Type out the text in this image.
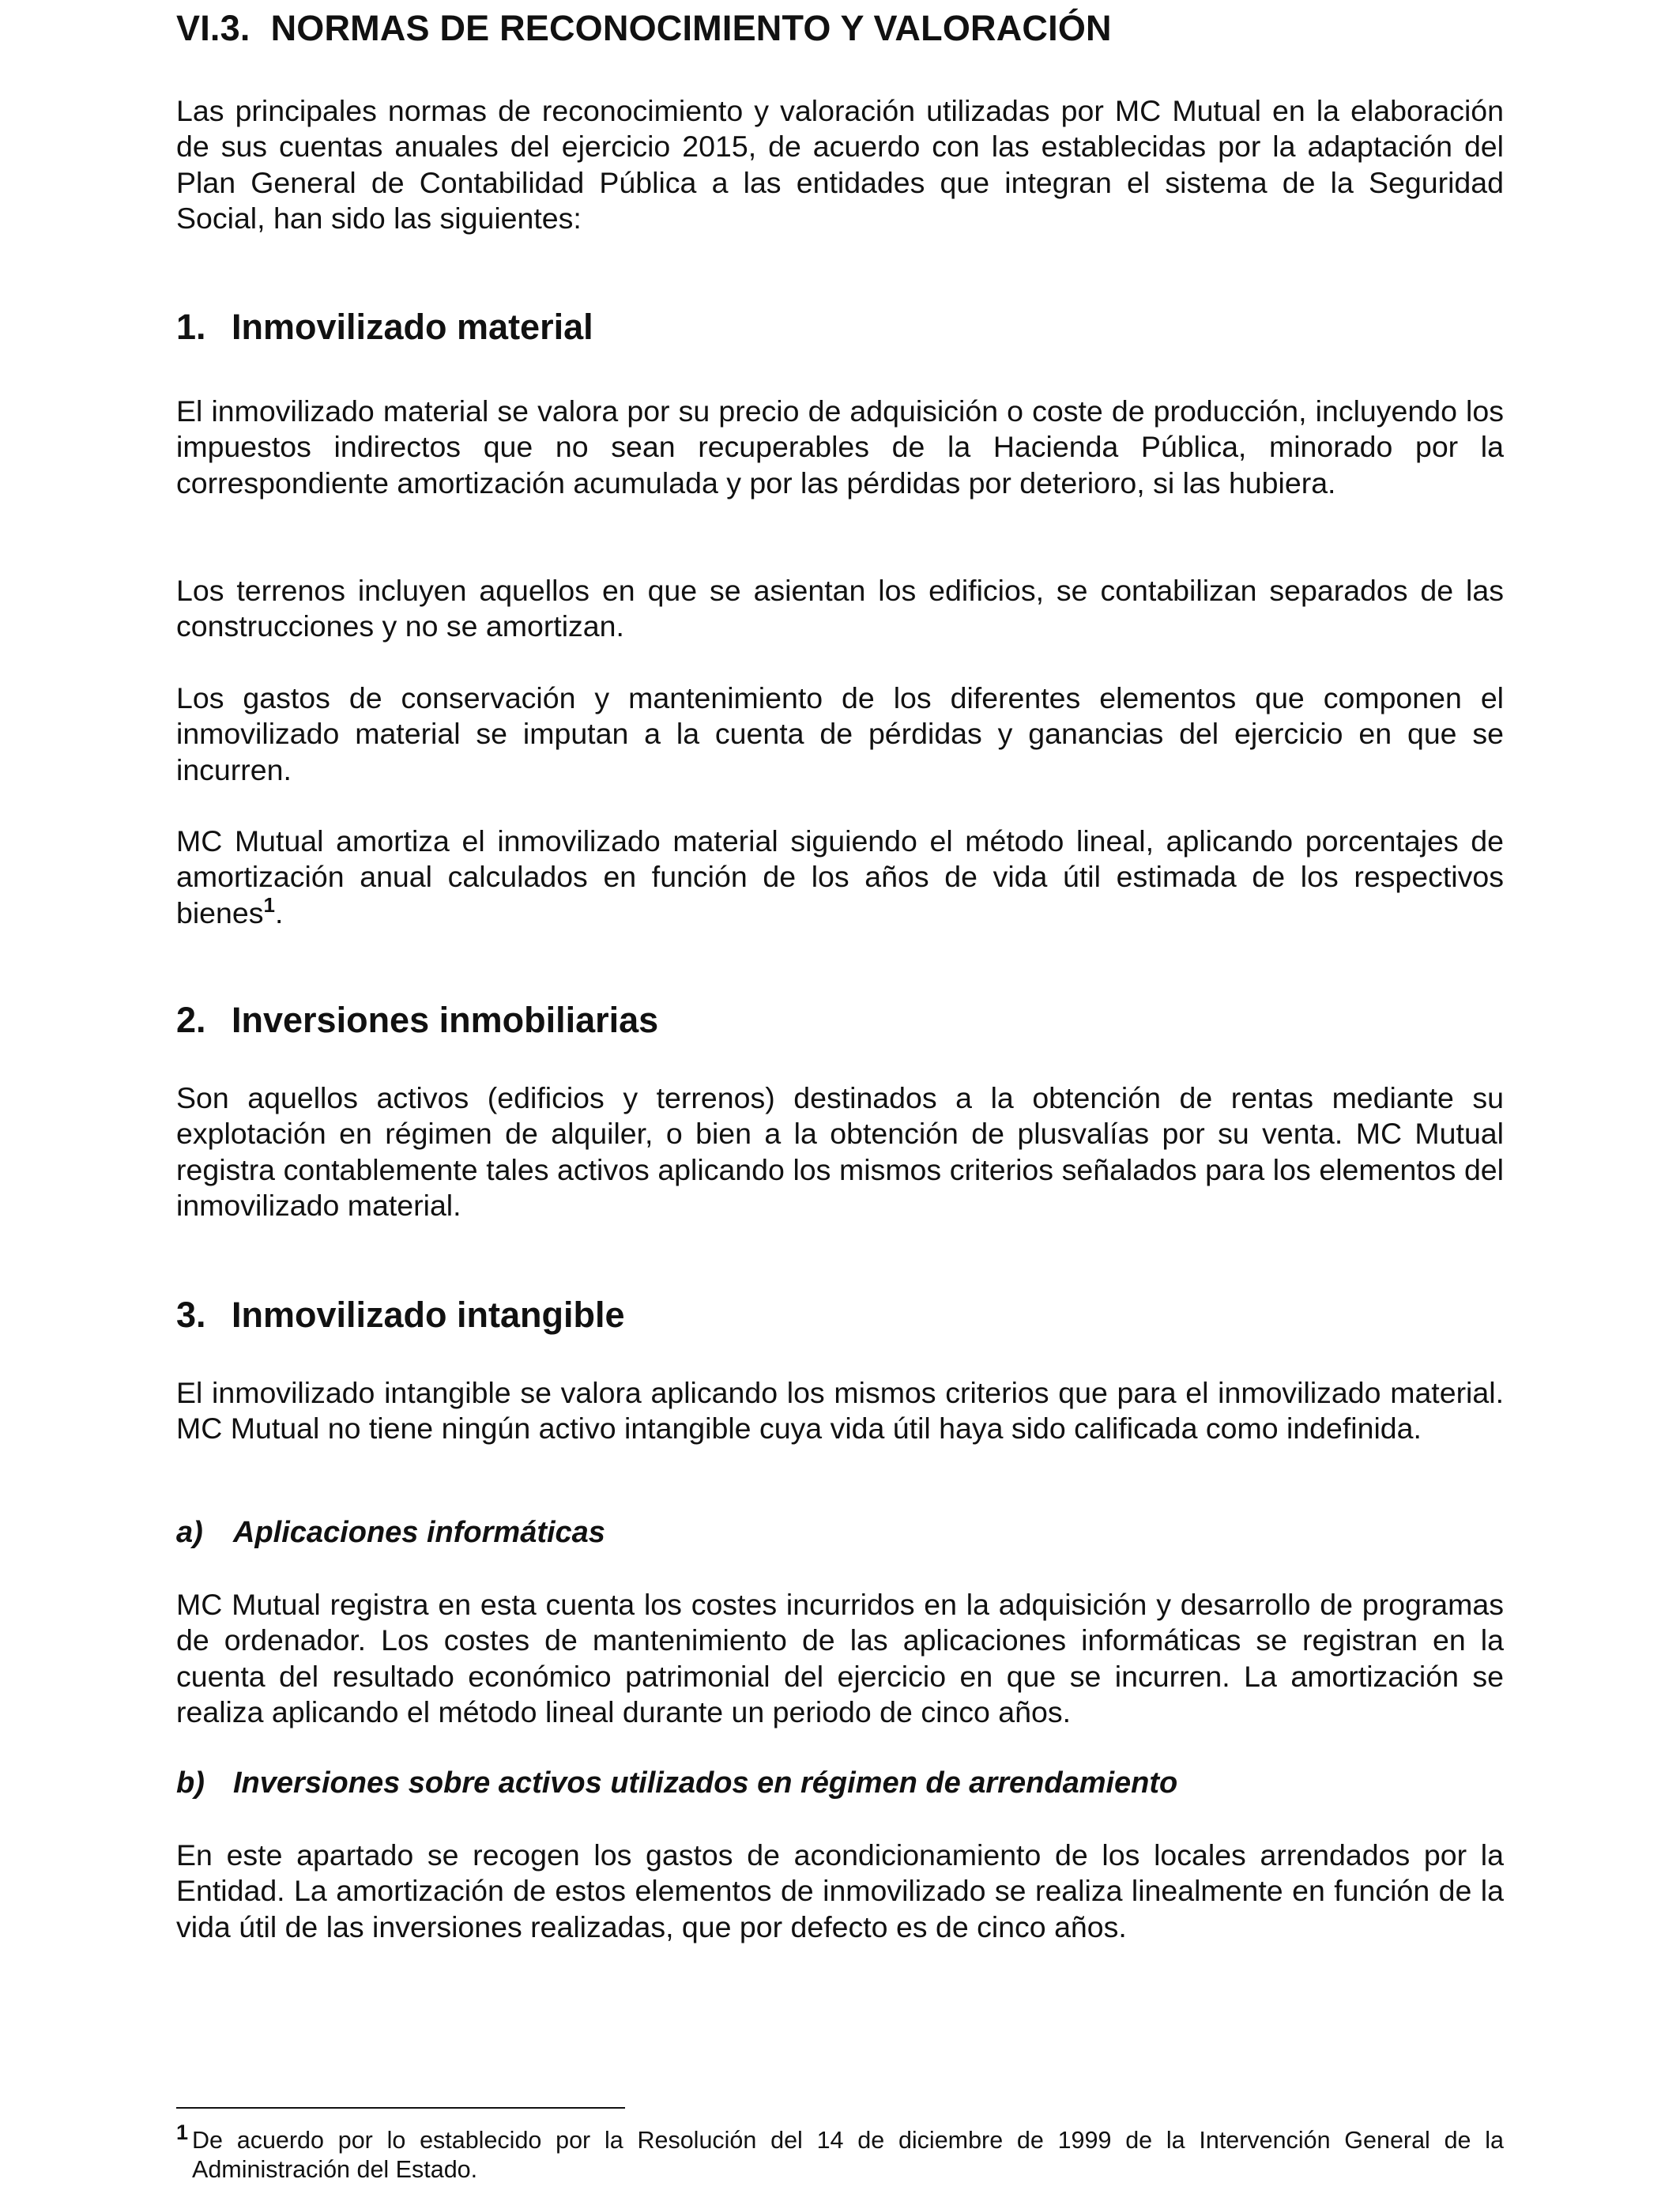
VI.3. NORMAS DE RECONOCIMIENTO Y VALORACIÓN

Las principales normas de reconocimiento y valoración utilizadas por MC Mutual en la elaboración de sus cuentas anuales del ejercicio 2015, de acuerdo con las establecidas por la adaptación del Plan General de Contabilidad Pública a las entidades que integran el sistema de la Seguridad Social, han sido las siguientes:

1. Inmovilizado material

El inmovilizado material se valora por su precio de adquisición o coste de producción, incluyendo los impuestos indirectos que no sean recuperables de la Hacienda Pública, minorado por la correspondiente amortización acumulada y por las pérdidas por deterioro, si las hubiera.

Los terrenos incluyen aquellos en que se asientan los edificios, se contabilizan separados de las construcciones y no se amortizan.

Los gastos de conservación y mantenimiento de los diferentes elementos que componen el inmovilizado material se imputan a la cuenta de pérdidas y ganancias del ejercicio en que se incurren.

MC Mutual amortiza el inmovilizado material siguiendo el método lineal, aplicando porcentajes de amortización anual calculados en función de los años de vida útil estimada de los respectivos bienes$^1$.

2. Inversiones inmobiliarias

Son aquellos activos (edificios y terrenos) destinados a la obtención de rentas mediante su explotación en régimen de alquiler, o bien a la obtención de plusvalías por su venta. MC Mutual registra contablemente tales activos aplicando los mismos criterios señalados para los elementos del inmovilizado material.

3. Inmovilizado intangible

El inmovilizado intangible se valora aplicando los mismos criterios que para el inmovilizado material. MC Mutual no tiene ningún activo intangible cuya vida útil haya sido calificada como indefinida.

a) Aplicaciones informáticas

MC Mutual registra en esta cuenta los costes incurridos en la adquisición y desarrollo de programas de ordenador. Los costes de mantenimiento de las aplicaciones informáticas se registran en la cuenta del resultado económico patrimonial del ejercicio en que se incurren. La amortización se realiza aplicando el método lineal durante un periodo de cinco años.

b) Inversiones sobre activos utilizados en régimen de arrendamiento

En este apartado se recogen los gastos de acondicionamiento de los locales arrendados por la Entidad. La amortización de estos elementos de inmovilizado se realiza linealmente en función de la vida útil de las inversiones realizadas, que por defecto es de cinco años.

1 De acuerdo por lo establecido por la Resolución del 14 de diciembre de 1999 de la Intervención General de la Administración del Estado.
